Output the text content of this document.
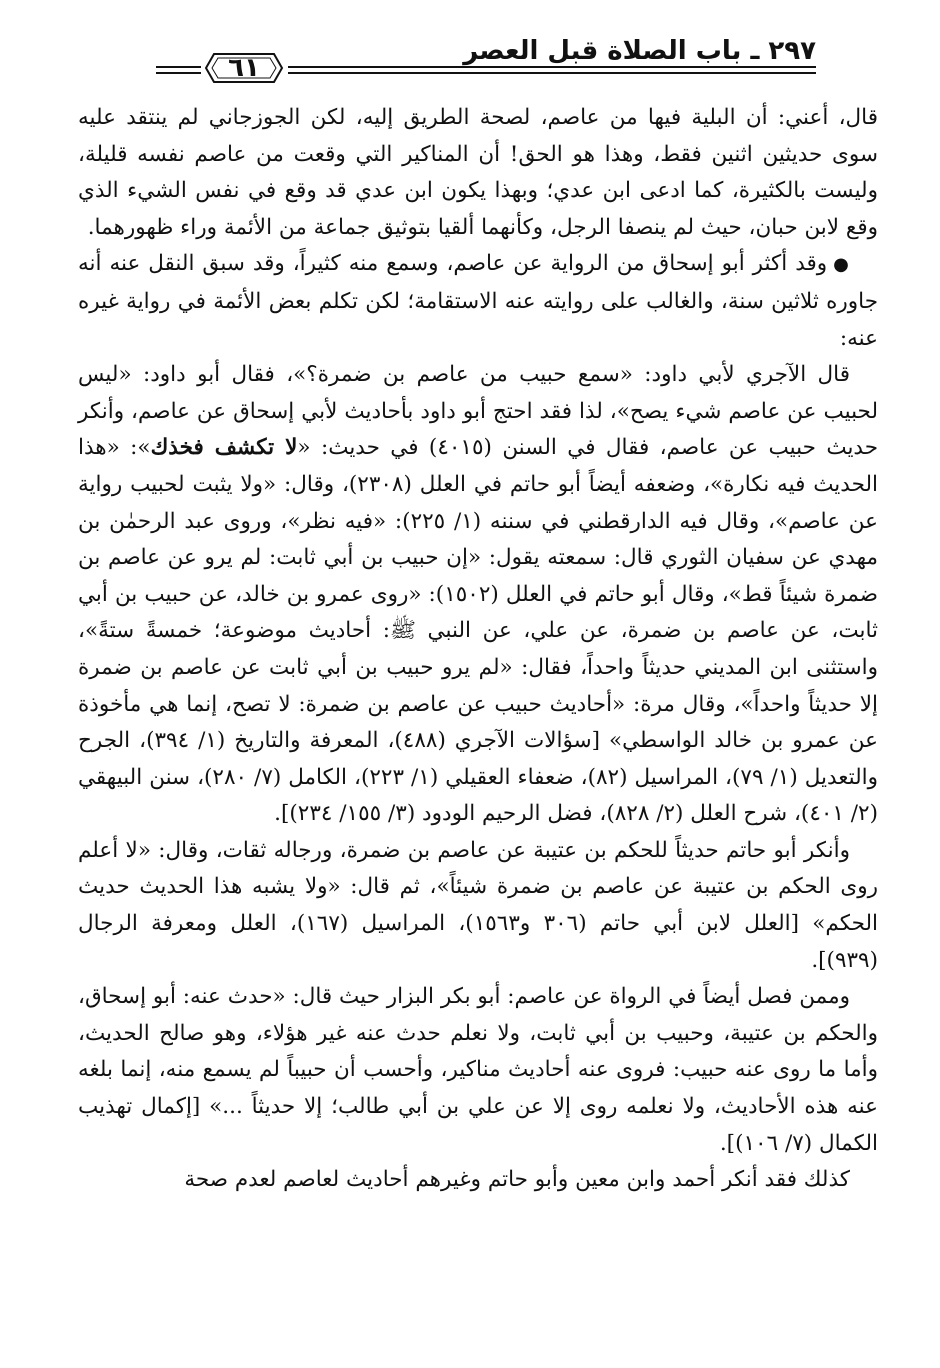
٢٩٧ ـ باب الصلاة قبل العصر
٦١

قال، أعني: أن البلية فيها من عاصم، لصحة الطريق إليه، لكن الجوزجاني لم ينتقد عليه سوى حديثين اثنين فقط، وهذا هو الحق! أن المناكير التي وقعت من عاصم نفسه قليلة، وليست بالكثيرة، كما ادعى ابن عدي؛ وبهذا يكون ابن عدي قد وقع في نفس الشيء الذي وقع لابن حبان، حيث لم ينصفا الرجل، وكأنهما ألقيا بتوثيق جماعة من الأئمة وراء ظهورهما.

●وقد أكثر أبو إسحاق من الرواية عن عاصم، وسمع منه كثيراً، وقد سبق النقل عنه أنه جاوره ثلاثين سنة، والغالب على روايته عنه الاستقامة؛ لكن تكلم بعض الأئمة في رواية غيره عنه:

قال الآجري لأبي داود: «سمع حبيب من عاصم بن ضمرة؟»، فقال أبو داود: «ليس لحبيب عن عاصم شيء يصح»، لذا فقد احتج أبو داود بأحاديث لأبي إسحاق عن عاصم، وأنكر حديث حبيب عن عاصم، فقال في السنن (٤٠١٥) في حديث: «لا تكشف فخذك»: «هذا الحديث فيه نكارة»، وضعفه أيضاً أبو حاتم في العلل (٢٣٠٨)، وقال: «ولا يثبت لحبيب رواية عن عاصم»، وقال فيه الدارقطني في سننه (١/ ٢٢٥): «فيه نظر»، وروى عبد الرحمٰن بن مهدي عن سفيان الثوري قال: سمعته يقول: «إن حبيب بن أبي ثابت: لم يرو عن عاصم بن ضمرة شيئاً قط»، وقال أبو حاتم في العلل (١٥٠٢): «روى عمرو بن خالد، عن حبيب بن أبي ثابت، عن عاصم بن ضمرة، عن علي، عن النبي ﷺ: أحاديث موضوعة؛ خمسةً ستةً»، واستثنى ابن المديني حديثاً واحداً، فقال: «لم يرو حبيب بن أبي ثابت عن عاصم بن ضمرة إلا حديثاً واحداً»، وقال مرة: «أحاديث حبيب عن عاصم بن ضمرة: لا تصح، إنما هي مأخوذة عن عمرو بن خالد الواسطي» [سؤالات الآجري (٤٨٨)، المعرفة والتاريخ (١/ ٣٩٤)، الجرح والتعديل (١/ ٧٩)، المراسيل (٨٢)، ضعفاء العقيلي (١/ ٢٢٣)، الكامل (٧/ ٢٨٠)، سنن البيهقي (٢/ ٤٠١)، شرح العلل (٢/ ٨٢٨)، فضل الرحيم الودود (٣/ ١٥٥/ ٢٣٤)].

وأنكر أبو حاتم حديثاً للحكم بن عتيبة عن عاصم بن ضمرة، ورجاله ثقات، وقال: «لا أعلم روى الحكم بن عتيبة عن عاصم بن ضمرة شيئاً»، ثم قال: «ولا يشبه هذا الحديث حديث الحكم» [العلل لابن أبي حاتم (٣٠٦ و١٥٦٣)، المراسيل (١٦٧)، العلل ومعرفة الرجال (٩٣٩)].

وممن فصل أيضاً في الرواة عن عاصم: أبو بكر البزار حيث قال: «حدث عنه: أبو إسحاق، والحكم بن عتيبة، وحبيب بن أبي ثابت، ولا نعلم حدث عنه غير هؤلاء، وهو صالح الحديث، وأما ما روى عنه حبيب: فروى عنه أحاديث مناكير، وأحسب أن حبيباً لم يسمع منه، إنما بلغه عنه هذه الأحاديث، ولا نعلمه روى إلا عن علي بن أبي طالب؛ إلا حديثاً ...» [إكمال تهذيب الكمال (٧/ ١٠٦)].

كذلك فقد أنكر أحمد وابن معين وأبو حاتم وغيرهم أحاديث لعاصم لعدم صحة
